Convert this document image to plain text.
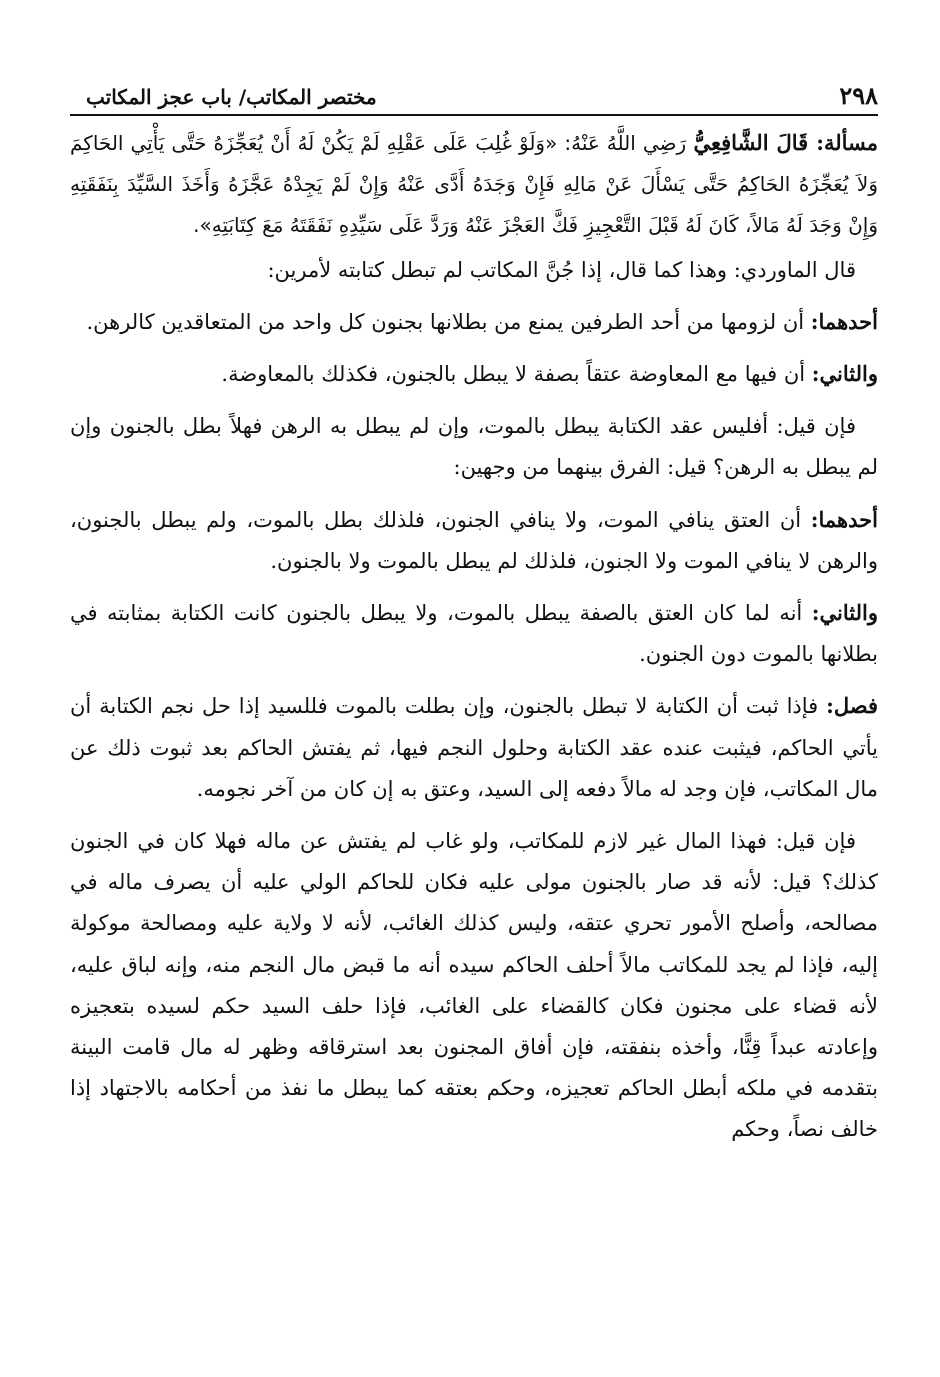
٢٩٨
مختصر المكاتب/ باب عجز المكاتب

مسألة: قَالَ الشَّافِعِيُّ رَضِي اللَّهُ عَنْهُ: «وَلَوْ غُلِبَ عَلَى عَقْلِهِ لَمْ يَكُنْ لَهُ أَنْ يُعَجِّزَهُ حَتَّى يَأْتِي الحَاكِمَ وَلاَ يُعَجِّزَهُ الحَاكِمُ حَتَّى يَسْأَلَ عَنْ مَالِهِ فَإِنْ وَجَدَهُ أَدَّى عَنْهُ وَإِنْ لَمْ يَجِدْهُ عَجَّزَهُ وَأَخَذَ السَّيِّدَ بِنَفَقَتِهِ وَإِنْ وَجَدَ لَهُ مَالاً، كَانَ لَهُ قَبْلَ التَّعْجِيزِ فَكَّ العَجْزَ عَنْهُ وَرَدَّ عَلَى سَيِّدِهِ نَفَقَتَهُ مَعَ كِتَابَتِهِ».

قال الماوردي: وهذا كما قال، إذا جُنَّ المكاتب لم تبطل كتابته لأمرين:

أحدهما: أن لزومها من أحد الطرفين يمنع من بطلانها بجنون كل واحد من المتعاقدين كالرهن.

والثاني: أن فيها مع المعاوضة عتقاً بصفة لا يبطل بالجنون، فكذلك بالمعاوضة.

فإن قيل: أفليس عقد الكتابة يبطل بالموت، وإن لم يبطل به الرهن فهلاً بطل بالجنون وإن لم يبطل به الرهن؟ قيل: الفرق بينهما من وجهين:

أحدهما: أن العتق ينافي الموت، ولا ينافي الجنون، فلذلك بطل بالموت، ولم يبطل بالجنون، والرهن لا ينافي الموت ولا الجنون، فلذلك لم يبطل بالموت ولا بالجنون.

والثاني: أنه لما كان العتق بالصفة يبطل بالموت، ولا يبطل بالجنون كانت الكتابة بمثابته في بطلانها بالموت دون الجنون.

فصل: فإذا ثبت أن الكتابة لا تبطل بالجنون، وإن بطلت بالموت فللسيد إذا حل نجم الكتابة أن يأتي الحاكم، فيثبت عنده عقد الكتابة وحلول النجم فيها، ثم يفتش الحاكم بعد ثبوت ذلك عن مال المكاتب، فإن وجد له مالاً دفعه إلى السيد، وعتق به إن كان من آخر نجومه.

فإن قيل: فهذا المال غير لازم للمكاتب، ولو غاب لم يفتش عن ماله فهلا كان في الجنون كذلك؟ قيل: لأنه قد صار بالجنون مولى عليه فكان للحاكم الولي عليه أن يصرف ماله في مصالحه، وأصلح الأمور تحري عتقه، وليس كذلك الغائب، لأنه لا ولاية عليه ومصالحة موكولة إليه، فإذا لم يجد للمكاتب مالاً أحلف الحاكم سيده أنه ما قبض مال النجم منه، وإنه لباق عليه، لأنه قضاء على مجنون فكان كالقضاء على الغائب، فإذا حلف السيد حكم لسيده بتعجيزه وإعادته عبداً قِنًّا، وأخذه بنفقته، فإن أفاق المجنون بعد استرقاقه وظهر له مال قامت البينة بتقدمه في ملكه أبطل الحاكم تعجيزه، وحكم بعتقه كما يبطل ما نفذ من أحكامه بالاجتهاد إذا خالف نصاً، وحكم
